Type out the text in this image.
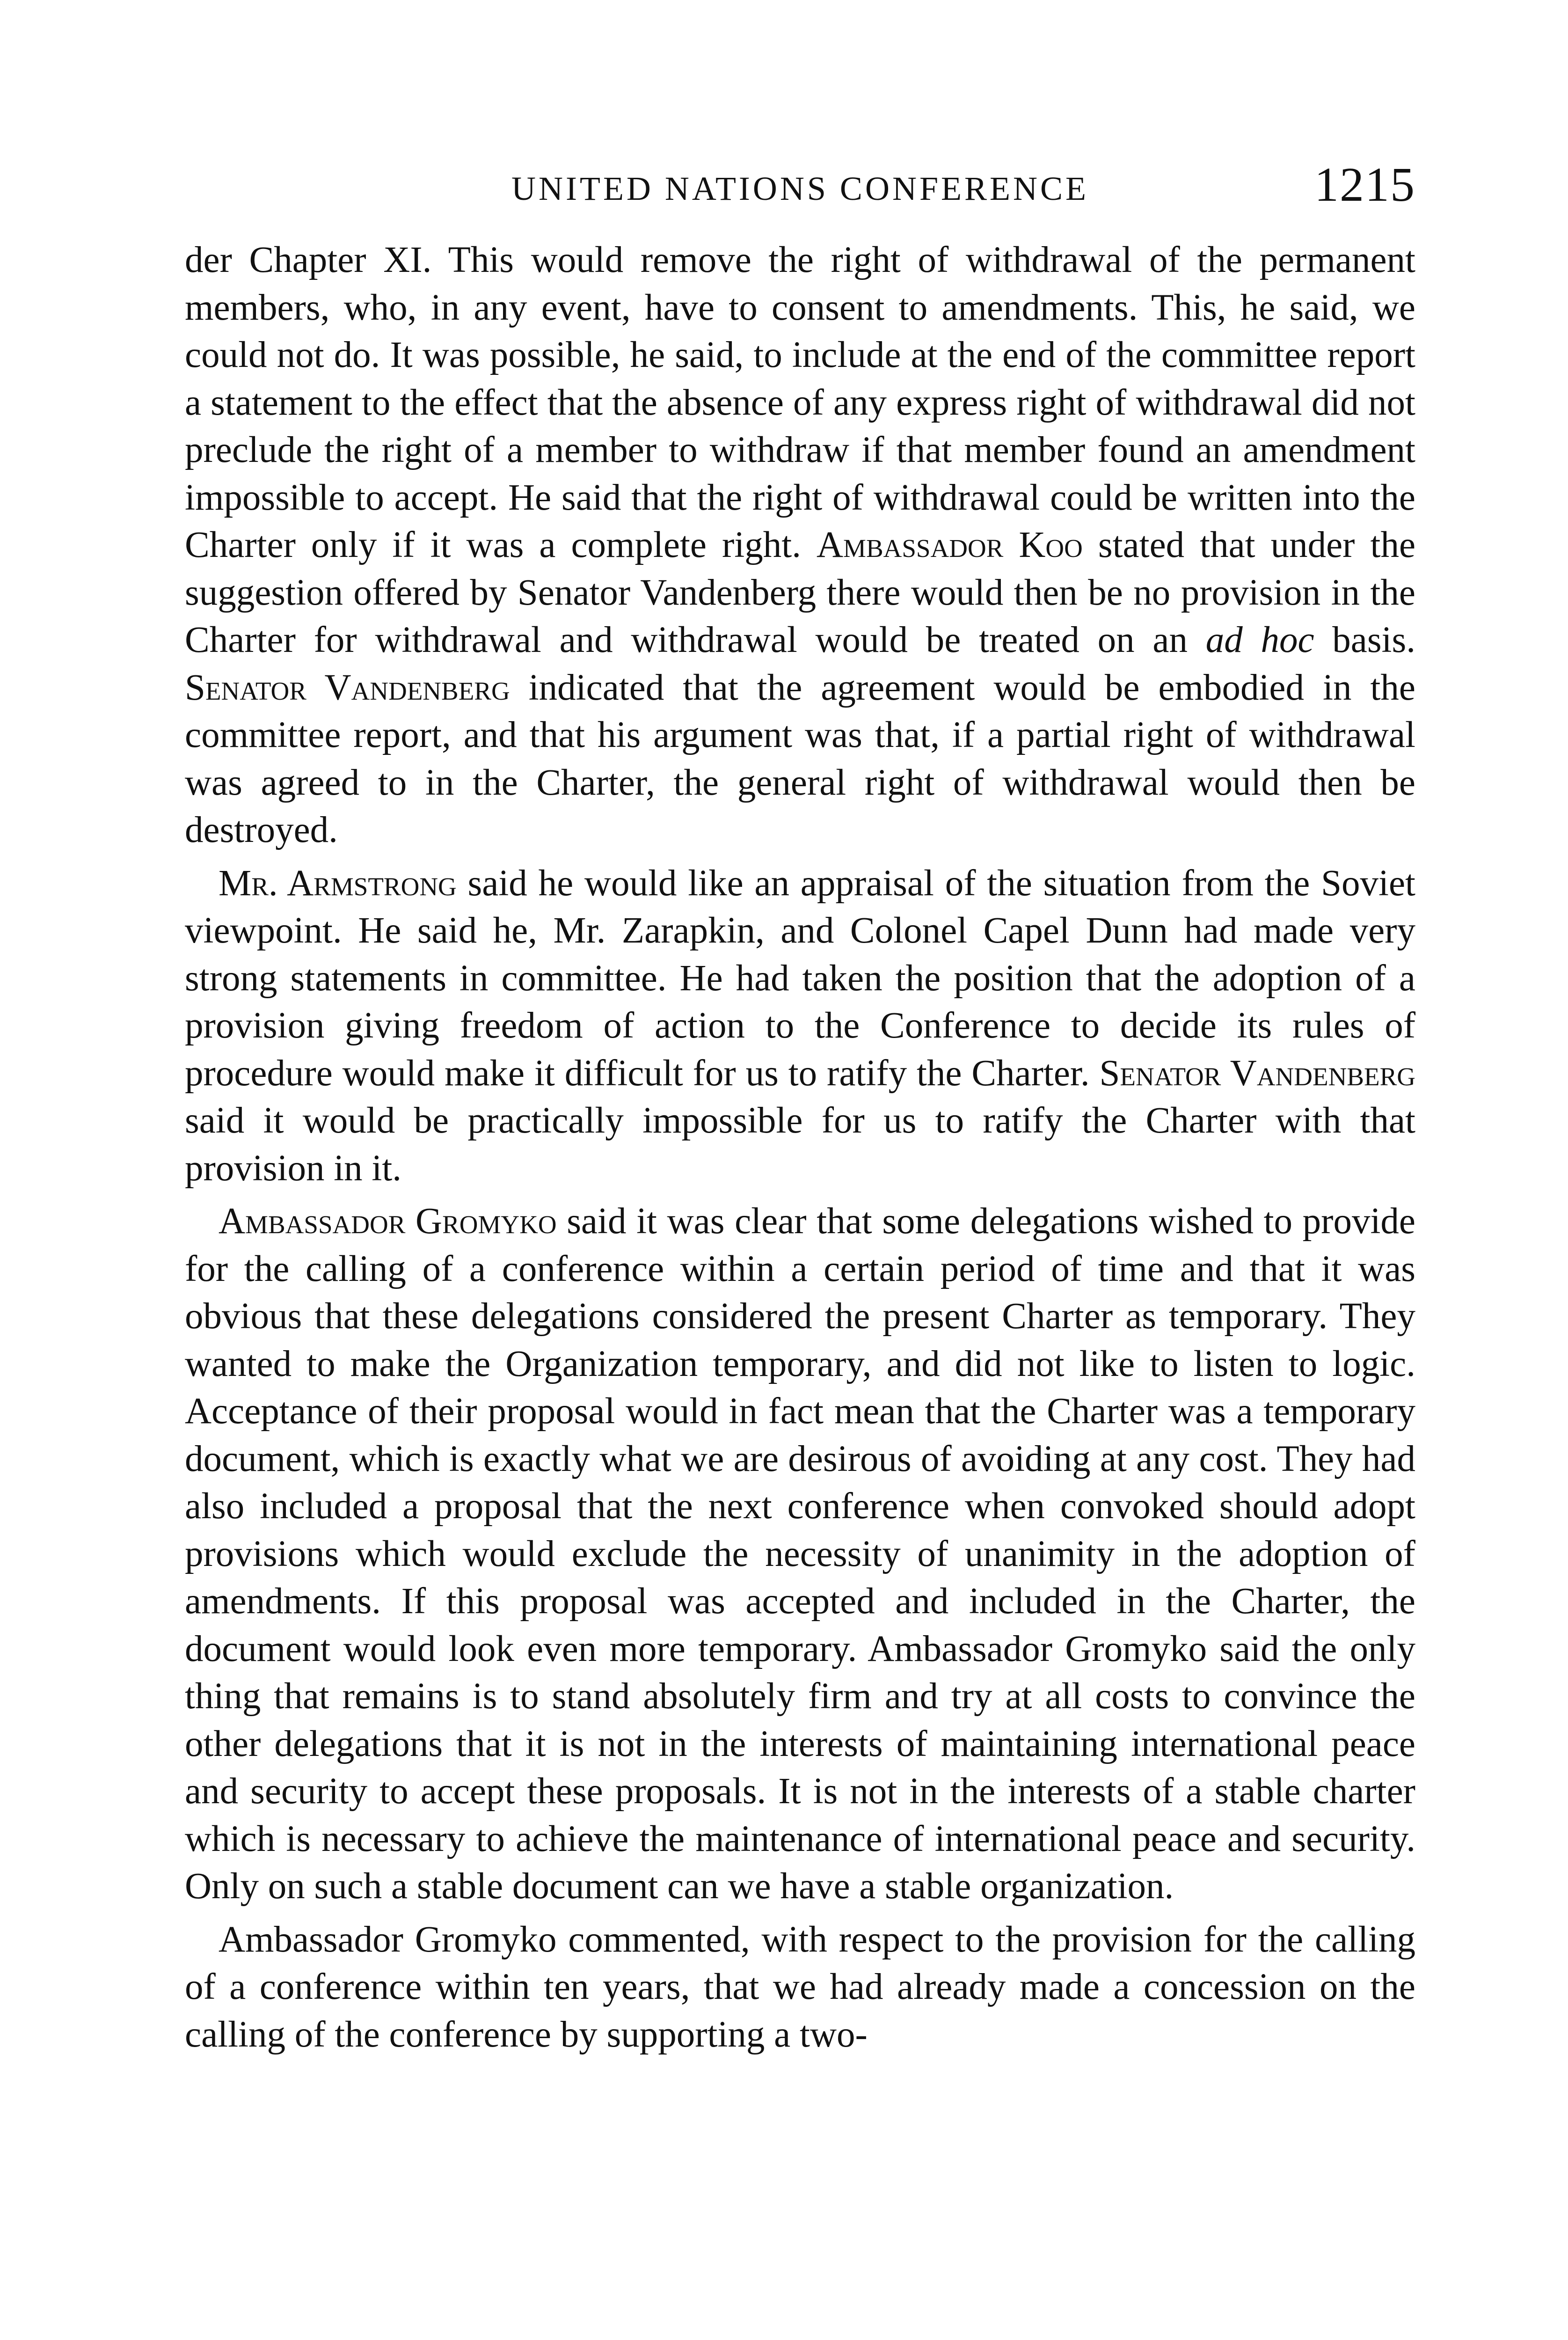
UNITED NATIONS CONFERENCE	1215

der Chapter XI. This would remove the right of withdrawal of the permanent members, who, in any event, have to consent to amendments. This, he said, we could not do. It was possible, he said, to include at the end of the committee report a statement to the effect that the absence of any express right of withdrawal did not preclude the right of a member to withdraw if that member found an amendment impossible to accept. He said that the right of withdrawal could be written into the Charter only if it was a complete right. Ambassador Koo stated that under the suggestion offered by Senator Vandenberg there would then be no provision in the Charter for withdrawal and withdrawal would be treated on an ad hoc basis. Senator Vandenberg indicated that the agreement would be embodied in the committee report, and that his argument was that, if a partial right of withdrawal was agreed to in the Charter, the general right of withdrawal would then be destroyed.

Mr. Armstrong said he would like an appraisal of the situation from the Soviet viewpoint. He said he, Mr. Zarapkin, and Colonel Capel Dunn had made very strong statements in committee. He had taken the position that the adoption of a provision giving freedom of action to the Conference to decide its rules of procedure would make it difficult for us to ratify the Charter. Senator Vandenberg said it would be practically impossible for us to ratify the Charter with that provision in it.

Ambassador Gromyko said it was clear that some delegations wished to provide for the calling of a conference within a certain period of time and that it was obvious that these delegations considered the present Charter as temporary. They wanted to make the Organization temporary, and did not like to listen to logic. Acceptance of their proposal would in fact mean that the Charter was a temporary document, which is exactly what we are desirous of avoiding at any cost. They had also included a proposal that the next conference when convoked should adopt provisions which would exclude the necessity of unanimity in the adoption of amendments. If this proposal was accepted and included in the Charter, the document would look even more temporary. Ambassador Gromyko said the only thing that remains is to stand absolutely firm and try at all costs to convince the other delegations that it is not in the interests of maintaining international peace and security to accept these proposals. It is not in the interests of a stable charter which is necessary to achieve the maintenance of international peace and security. Only on such a stable document can we have a stable organization.

Ambassador Gromyko commented, with respect to the provision for the calling of a conference within ten years, that we had already made a concession on the calling of the conference by supporting a two-
